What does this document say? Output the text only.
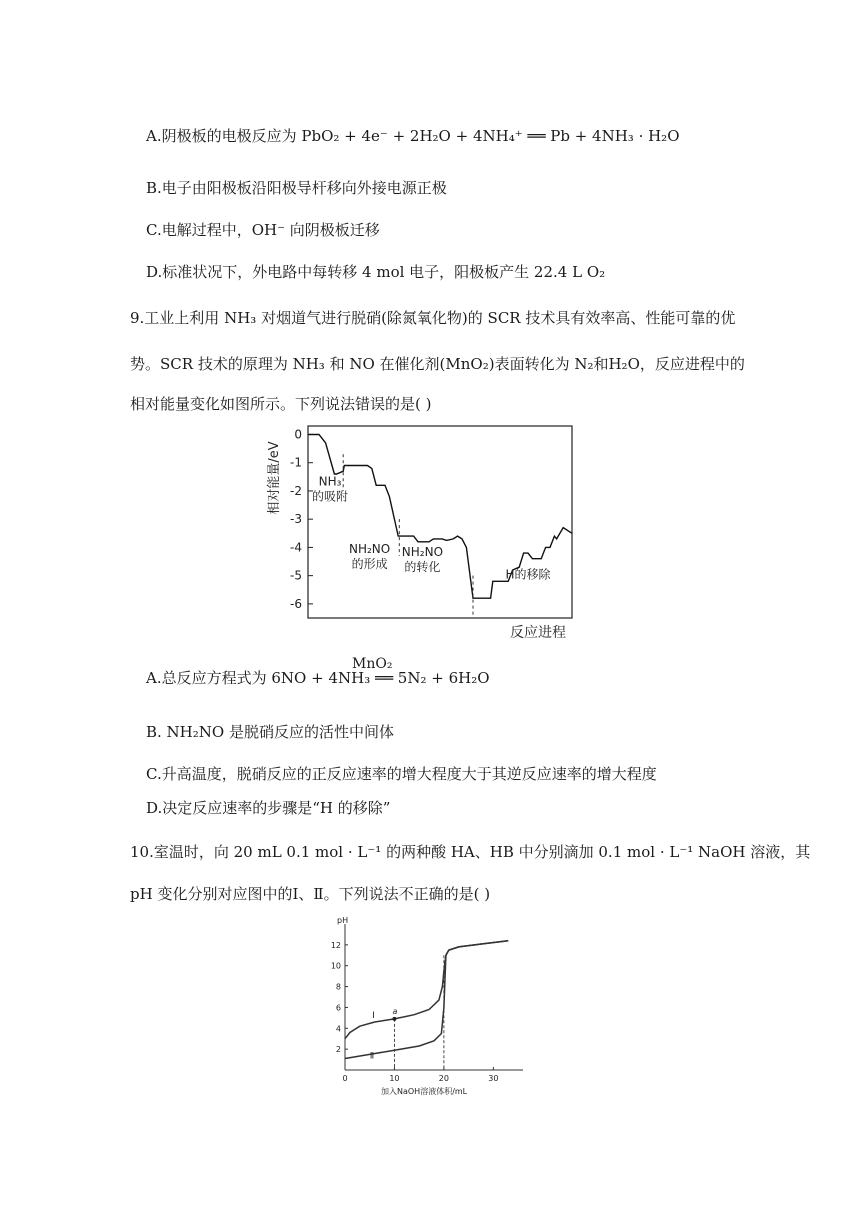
A.阴极板的电极反应为 PbO₂ + 4e⁻ + 2H₂O + 4NH₄⁺ ══ Pb + 4NH₃ · H₂O
B.电子由阳极板沿阳极导杆移向外接电源正极
C.电解过程中，OH⁻ 向阴极板迁移
D.标准状况下，外电路中每转移 4 mol 电子，阳极板产生 22.4 L O₂
9.工业上利用 NH₃ 对烟道气进行脱硝(除氮氧化物)的 SCR 技术具有效率高、性能可靠的优
势。SCR 技术的原理为 NH₃ 和 NO 在催化剂(MnO₂)表面转化为 N₂和H₂O，反应进程中的
相对能量变化如图所示。下列说法错误的是( )
相对能量/eV
反应进程
0
-1
-2
-3
-4
-5
-6
NH₃
的吸附
NH₂NO
的形成
NH₂NO
的转化
H的移除
MnO₂
A.总反应方程式为 6NO + 4NH₃ ══ 5N₂ + 6H₂O
B. NH₂NO 是脱硝反应的活性中间体
C.升高温度，脱硝反应的正反应速率的增大程度大于其逆反应速率的增大程度
D.决定反应速率的步骤是“H 的移除”
10.室温时，向 20 mL 0.1 mol · L⁻¹ 的两种酸 HA、HB 中分别滴加 0.1 mol · L⁻¹ NaOH 溶液，其
pH 变化分别对应图中的Ⅰ、Ⅱ。下列说法不正确的是( )
pH
加入NaOH溶液体积/mL
0	10	20	30
2
4
6
8
10
12
a
Ⅰ
Ⅱ
